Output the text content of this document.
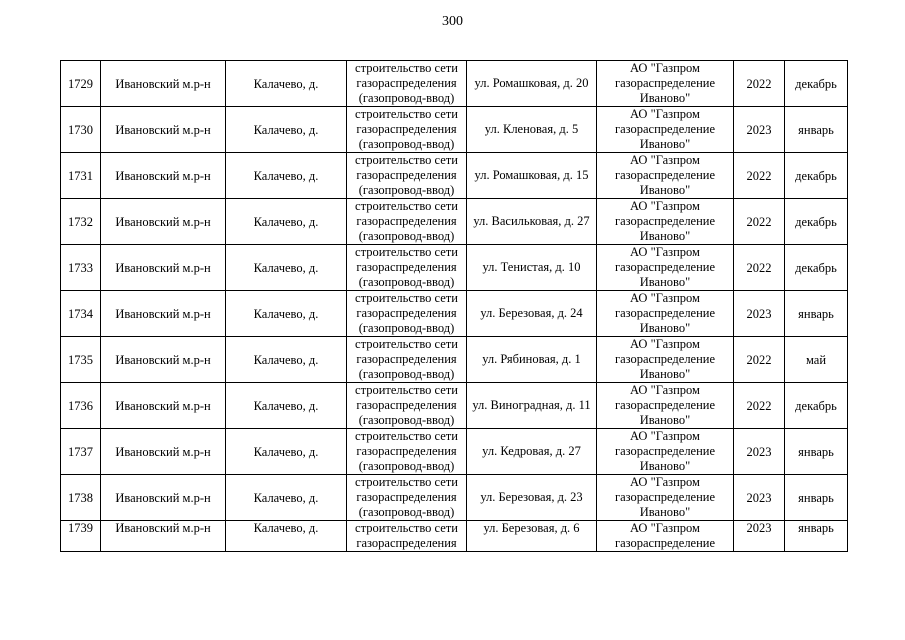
300
1729	Ивановский м.р-н	Калачево, д.	строительство сети газораспределения (газопровод-ввод)	ул. Ромашковая, д. 20	АО "Газпром газораспределение Иваново"	2022	декабрь
1730	Ивановский м.р-н	Калачево, д.	строительство сети газораспределения (газопровод-ввод)	ул. Кленовая, д. 5	АО "Газпром газораспределение Иваново"	2023	январь
1731	Ивановский м.р-н	Калачево, д.	строительство сети газораспределения (газопровод-ввод)	ул. Ромашковая, д. 15	АО "Газпром газораспределение Иваново"	2022	декабрь
1732	Ивановский м.р-н	Калачево, д.	строительство сети газораспределения (газопровод-ввод)	ул. Васильковая, д. 27	АО "Газпром газораспределение Иваново"	2022	декабрь
1733	Ивановский м.р-н	Калачево, д.	строительство сети газораспределения (газопровод-ввод)	ул. Тенистая, д. 10	АО "Газпром газораспределение Иваново"	2022	декабрь
1734	Ивановский м.р-н	Калачево, д.	строительство сети газораспределения (газопровод-ввод)	ул. Березовая, д. 24	АО "Газпром газораспределение Иваново"	2023	январь
1735	Ивановский м.р-н	Калачево, д.	строительство сети газораспределения (газопровод-ввод)	ул. Рябиновая, д. 1	АО "Газпром газораспределение Иваново"	2022	май
1736	Ивановский м.р-н	Калачево, д.	строительство сети газораспределения (газопровод-ввод)	ул. Виноградная, д. 11	АО "Газпром газораспределение Иваново"	2022	декабрь
1737	Ивановский м.р-н	Калачево, д.	строительство сети газораспределения (газопровод-ввод)	ул. Кедровая, д. 27	АО "Газпром газораспределение Иваново"	2023	январь
1738	Ивановский м.р-н	Калачево, д.	строительство сети газораспределения (газопровод-ввод)	ул. Березовая, д. 23	АО "Газпром газораспределение Иваново"	2023	январь
1739	Ивановский м.р-н	Калачево, д.	строительство сети газораспределения	ул. Березовая, д. 6	АО "Газпром газораспределение	2023	январь
